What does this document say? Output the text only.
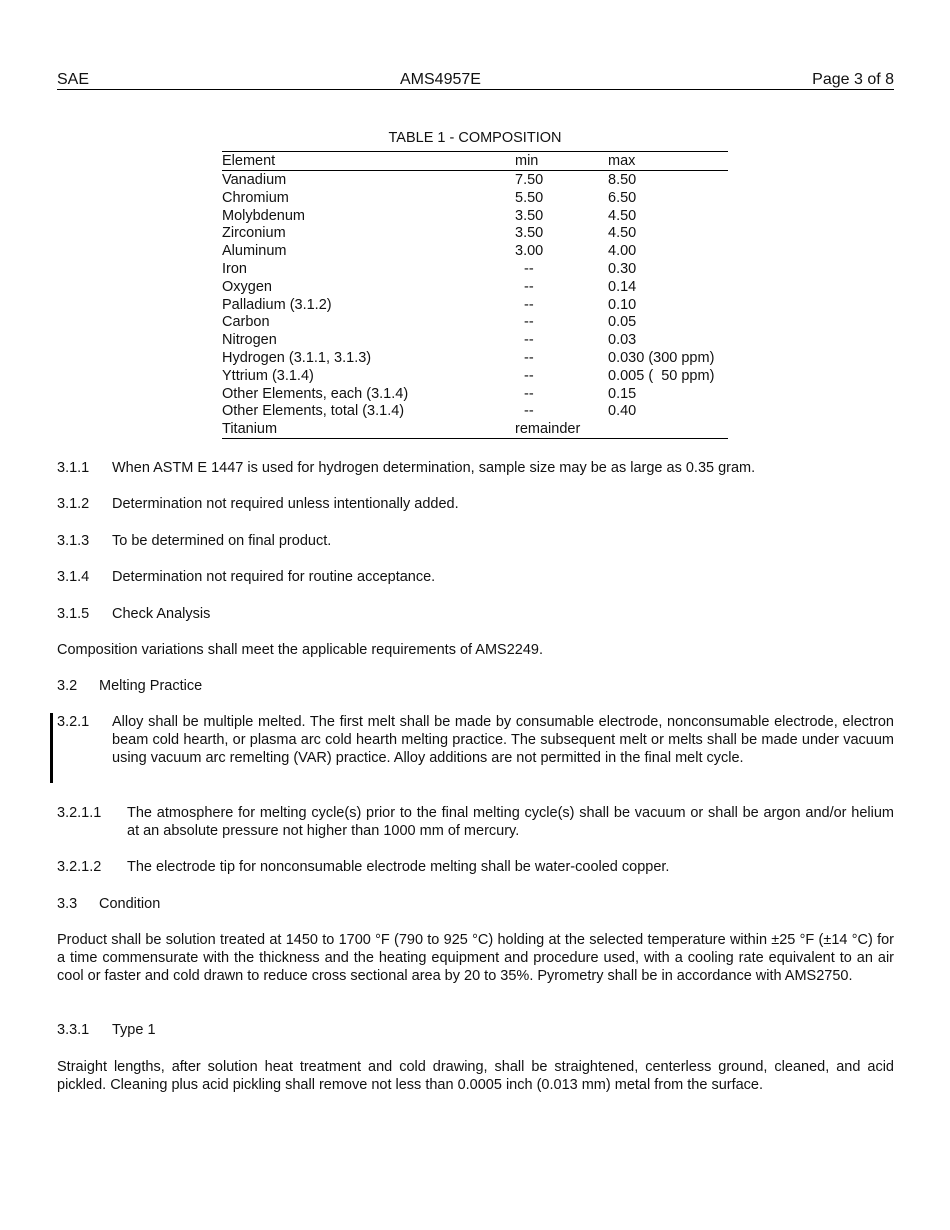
SAE	AMS4957E	Page 3 of 8
TABLE 1 - COMPOSITION
Element	min	max
Vanadium	7.50	8.50
Chromium	5.50	6.50
Molybdenum	3.50	4.50
Zirconium	3.50	4.50
Aluminum	3.00	4.00
Iron	--	0.30
Oxygen	--	0.14
Palladium (3.1.2)	--	0.10
Carbon	--	0.05
Nitrogen	--	0.03
Hydrogen (3.1.1, 3.1.3)	--	0.030 (300 ppm)
Yttrium (3.1.4)	--	0.005 (  50 ppm)
Other Elements, each (3.1.4)	--	0.15
Other Elements, total (3.1.4)	--	0.40
Titanium	remainder
3.1.1 When ASTM E 1447 is used for hydrogen determination, sample size may be as large as 0.35 gram.
3.1.2 Determination not required unless intentionally added.
3.1.3 To be determined on final product.
3.1.4 Determination not required for routine acceptance.
3.1.5 Check Analysis
Composition variations shall meet the applicable requirements of AMS2249.
3.2 Melting Practice
3.2.1 Alloy shall be multiple melted. The first melt shall be made by consumable electrode, nonconsumable electrode, electron beam cold hearth, or plasma arc cold hearth melting practice. The subsequent melt or melts shall be made under vacuum using vacuum arc remelting (VAR) practice. Alloy additions are not permitted in the final melt cycle.
3.2.1.1 The atmosphere for melting cycle(s) prior to the final melting cycle(s) shall be vacuum or shall be argon and/or helium at an absolute pressure not higher than 1000 mm of mercury.
3.2.1.2 The electrode tip for nonconsumable electrode melting shall be water-cooled copper.
3.3 Condition
Product shall be solution treated at 1450 to 1700 °F (790 to 925 °C) holding at the selected temperature within ±25 °F (±14 °C) for a time commensurate with the thickness and the heating equipment and procedure used, with a cooling rate equivalent to an air cool or faster and cold drawn to reduce cross sectional area by 20 to 35%. Pyrometry shall be in accordance with AMS2750.
3.3.1 Type 1
Straight lengths, after solution heat treatment and cold drawing, shall be straightened, centerless ground, cleaned, and acid pickled. Cleaning plus acid pickling shall remove not less than 0.0005 inch (0.013 mm) metal from the surface.
